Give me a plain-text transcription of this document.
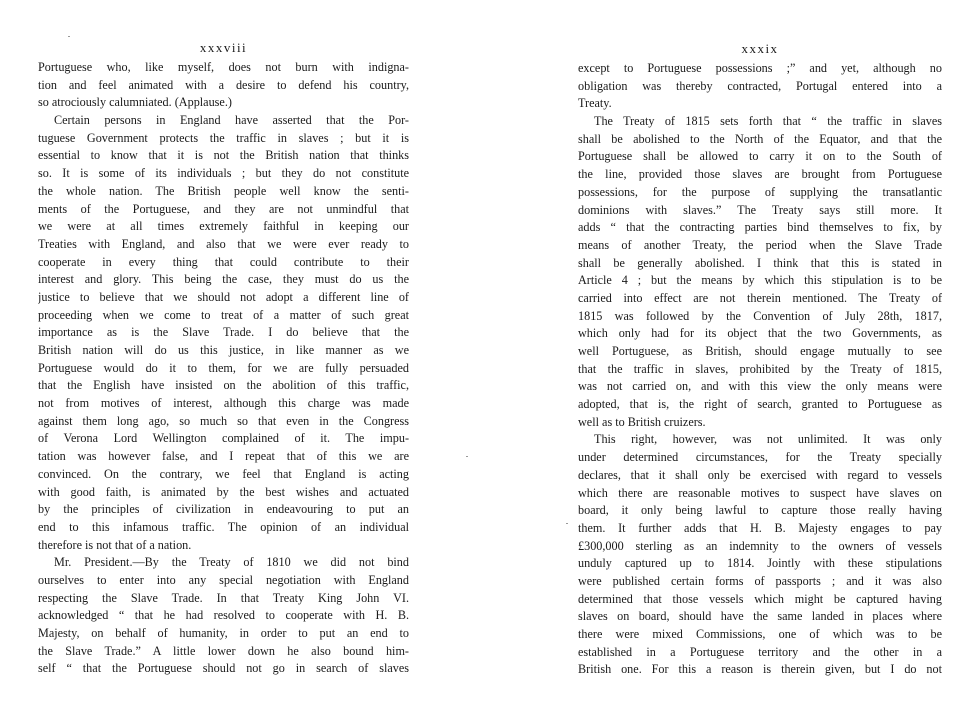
xxxviii
Portuguese who, like myself, does not burn with indigna-
tion and feel animated with a desire to defend his country,
so atrociously calumniated. (Applause.)
Certain persons in England have asserted that the Por-
tuguese Government protects the traffic in slaves ; but it is
essential to know that it is not the British nation that thinks
so. It is some of its individuals ; but they do not constitute
the whole nation. The British people well know the senti-
ments of the Portuguese, and they are not unmindful that
we were at all times extremely faithful in keeping our
Treaties with England, and also that we were ever ready to
cooperate in every thing that could contribute to their
interest and glory. This being the case, they must do us the
justice to believe that we should not adopt a different line of
proceeding when we come to treat of a matter of such great
importance as is the Slave Trade. I do believe that the
British nation will do us this justice, in like manner as we
Portuguese would do it to them, for we are fully persuaded
that the English have insisted on the abolition of this traffic,
not from motives of interest, although this charge was made
against them long ago, so much so that even in the Congress
of Verona Lord Wellington complained of it. The impu-
tation was however false, and I repeat that of this we are
convinced. On the contrary, we feel that England is acting
with good faith, is animated by the best wishes and actuated
by the principles of civilization in endeavouring to put an
end to this infamous traffic. The opinion of an individual
therefore is not that of a nation.
Mr. President.—By the Treaty of 1810 we did not bind
ourselves to enter into any special negotiation with England
respecting the Slave Trade. In that Treaty King John VI.
acknowledged “ that he had resolved to cooperate with H. B.
Majesty, on behalf of humanity, in order to put an end to
the Slave Trade.” A little lower down he also bound him-
self “ that the Portuguese should not go in search of slaves
xxxix
except to Portuguese possessions ;” and yet, although no
obligation was thereby contracted, Portugal entered into a
Treaty.
The Treaty of 1815 sets forth that “ the traffic in slaves
shall be abolished to the North of the Equator, and that the
Portuguese shall be allowed to carry it on to the South of
the line, provided those slaves are brought from Portuguese
possessions, for the purpose of supplying the transatlantic
dominions with slaves.” The Treaty says still more. It
adds “ that the contracting parties bind themselves to fix, by
means of another Treaty, the period when the Slave Trade
shall be generally abolished. I think that this is stated in
Article 4 ; but the means by which this stipulation is to be
carried into effect are not therein mentioned. The Treaty of
1815 was followed by the Convention of July 28th, 1817,
which only had for its object that the two Governments, as
well Portuguese, as British, should engage mutually to see
that the traffic in slaves, prohibited by the Treaty of 1815,
was not carried on, and with this view the only means were
adopted, that is, the right of search, granted to Portuguese as
well as to British cruizers.
This right, however, was not unlimited. It was only
under determined circumstances, for the Treaty specially
declares, that it shall only be exercised with regard to vessels
which there are reasonable motives to suspect have slaves on
board, it only being lawful to capture those really having
them. It further adds that H. B. Majesty engages to pay
£300,000 sterling as an indemnity to the owners of vessels
unduly captured up to 1814. Jointly with these stipulations
were published certain forms of passports ; and it was also
determined that those vessels which might be captured having
slaves on board, should have the same landed in places where
there were mixed Commissions, one of which was to be
established in a Portuguese territory and the other in a
British one. For this a reason is therein given, but I do not
